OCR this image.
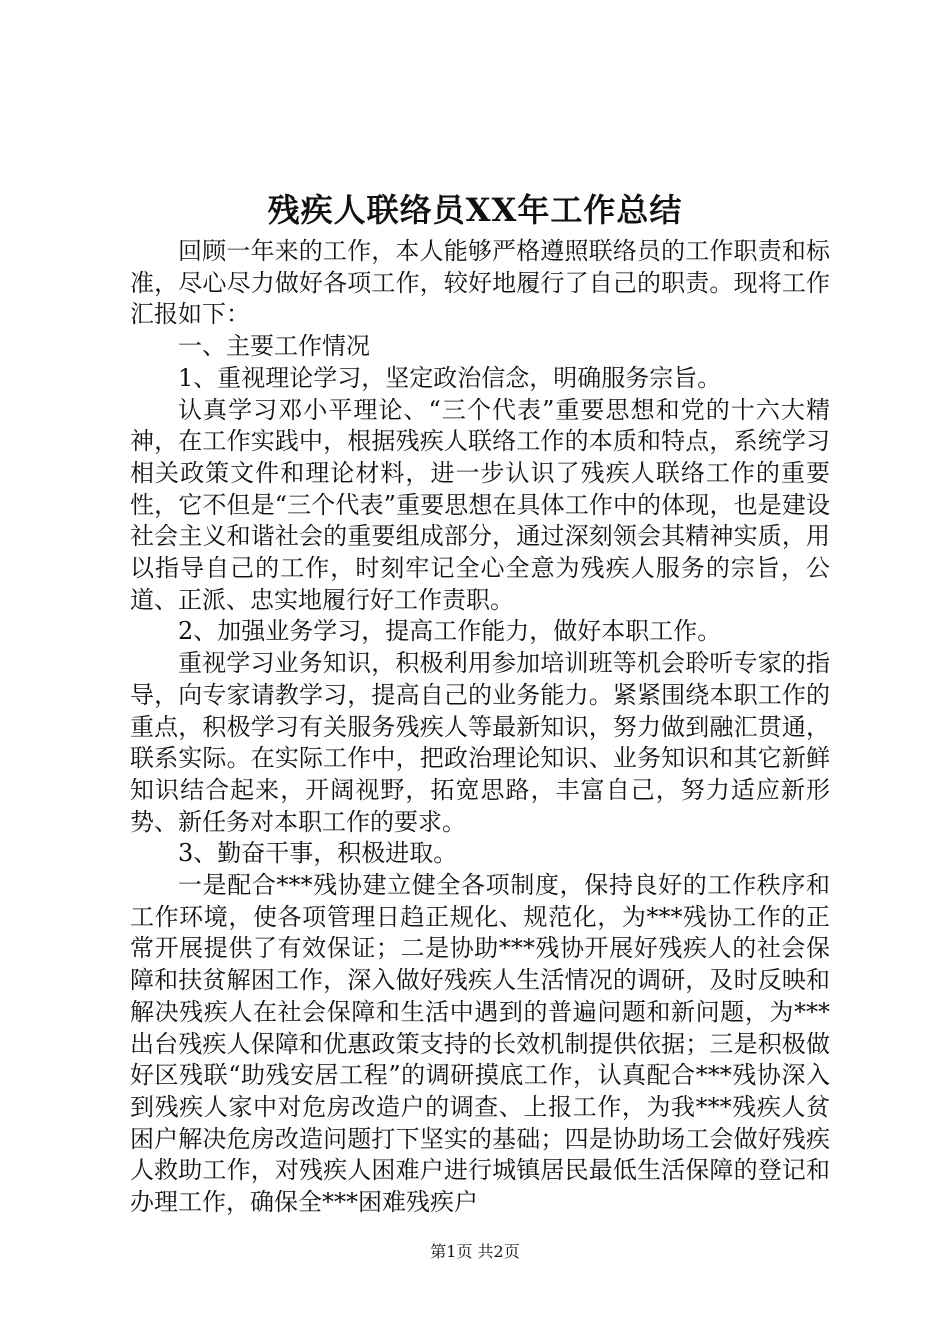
残疾人联络员XX年工作总结

回顾一年来的工作，本人能够严格遵照联络员的工作职责和标准，尽心尽力做好各项工作，较好地履行了自己的职责。现将工作汇报如下：

一、主要工作情况

1、重视理论学习，坚定政治信念，明确服务宗旨。

认真学习邓小平理论、“三个代表”重要思想和党的十六大精神，在工作实践中，根据残疾人联络工作的本质和特点，系统学习相关政策文件和理论材料，进一步认识了残疾人联络工作的重要性，它不但是“三个代表”重要思想在具体工作中的体现，也是建设社会主义和谐社会的重要组成部分，通过深刻领会其精神实质，用以指导自己的工作，时刻牢记全心全意为残疾人服务的宗旨，公道、正派、忠实地履行好工作责职。

2、加强业务学习，提高工作能力，做好本职工作。

重视学习业务知识，积极利用参加培训班等机会聆听专家的指导，向专家请教学习，提高自己的业务能力。紧紧围绕本职工作的重点，积极学习有关服务残疾人等最新知识，努力做到融汇贯通，联系实际。在实际工作中，把政治理论知识、业务知识和其它新鲜知识结合起来，开阔视野，拓宽思路，丰富自己，努力适应新形势、新任务对本职工作的要求。

3、勤奋干事，积极进取。

一是配合***残协建立健全各项制度，保持良好的工作秩序和工作环境，使各项管理日趋正规化、规范化，为***残协工作的正常开展提供了有效保证；二是协助***残协开展好残疾人的社会保障和扶贫解困工作，深入做好残疾人生活情况的调研，及时反映和解决残疾人在社会保障和生活中遇到的普遍问题和新问题，为***出台残疾人保障和优惠政策支持的长效机制提供依据；三是积极做好区残联“助残安居工程”的调研摸底工作，认真配合***残协深入到残疾人家中对危房改造户的调查、上报工作，为我***残疾人贫困户解决危房改造问题打下坚实的基础；四是协助场工会做好残疾人救助工作，对残疾人困难户进行城镇居民最低生活保障的登记和办理工作，确保全***困难残疾户

第1页 共2页
